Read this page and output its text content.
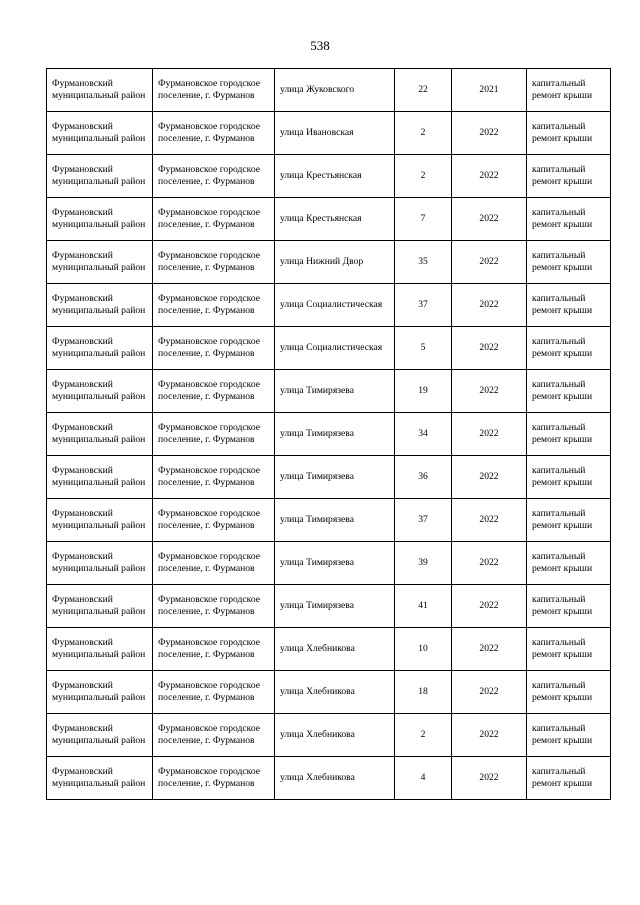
538
Фурмановский муниципальный район	Фурмановское городское поселение, г. Фурманов	улица Жуковского	22	2021	капитальный ремонт крыши
Фурмановский муниципальный район	Фурмановское городское поселение, г. Фурманов	улица Ивановская	2	2022	капитальный ремонт крыши
Фурмановский муниципальный район	Фурмановское городское поселение, г. Фурманов	улица Крестьянская	2	2022	капитальный ремонт крыши
Фурмановский муниципальный район	Фурмановское городское поселение, г. Фурманов	улица Крестьянская	7	2022	капитальный ремонт крыши
Фурмановский муниципальный район	Фурмановское городское поселение, г. Фурманов	улица Нижний Двор	35	2022	капитальный ремонт крыши
Фурмановский муниципальный район	Фурмановское городское поселение, г. Фурманов	улица Социалистическая	37	2022	капитальный ремонт крыши
Фурмановский муниципальный район	Фурмановское городское поселение, г. Фурманов	улица Социалистическая	5	2022	капитальный ремонт крыши
Фурмановский муниципальный район	Фурмановское городское поселение, г. Фурманов	улица Тимирязева	19	2022	капитальный ремонт крыши
Фурмановский муниципальный район	Фурмановское городское поселение, г. Фурманов	улица Тимирязева	34	2022	капитальный ремонт крыши
Фурмановский муниципальный район	Фурмановское городское поселение, г. Фурманов	улица Тимирязева	36	2022	капитальный ремонт крыши
Фурмановский муниципальный район	Фурмановское городское поселение, г. Фурманов	улица Тимирязева	37	2022	капитальный ремонт крыши
Фурмановский муниципальный район	Фурмановское городское поселение, г. Фурманов	улица Тимирязева	39	2022	капитальный ремонт крыши
Фурмановский муниципальный район	Фурмановское городское поселение, г. Фурманов	улица Тимирязева	41	2022	капитальный ремонт крыши
Фурмановский муниципальный район	Фурмановское городское поселение, г. Фурманов	улица Хлебникова	10	2022	капитальный ремонт крыши
Фурмановский муниципальный район	Фурмановское городское поселение, г. Фурманов	улица Хлебникова	18	2022	капитальный ремонт крыши
Фурмановский муниципальный район	Фурмановское городское поселение, г. Фурманов	улица Хлебникова	2	2022	капитальный ремонт крыши
Фурмановский муниципальный район	Фурмановское городское поселение, г. Фурманов	улица Хлебникова	4	2022	капитальный ремонт крыши
